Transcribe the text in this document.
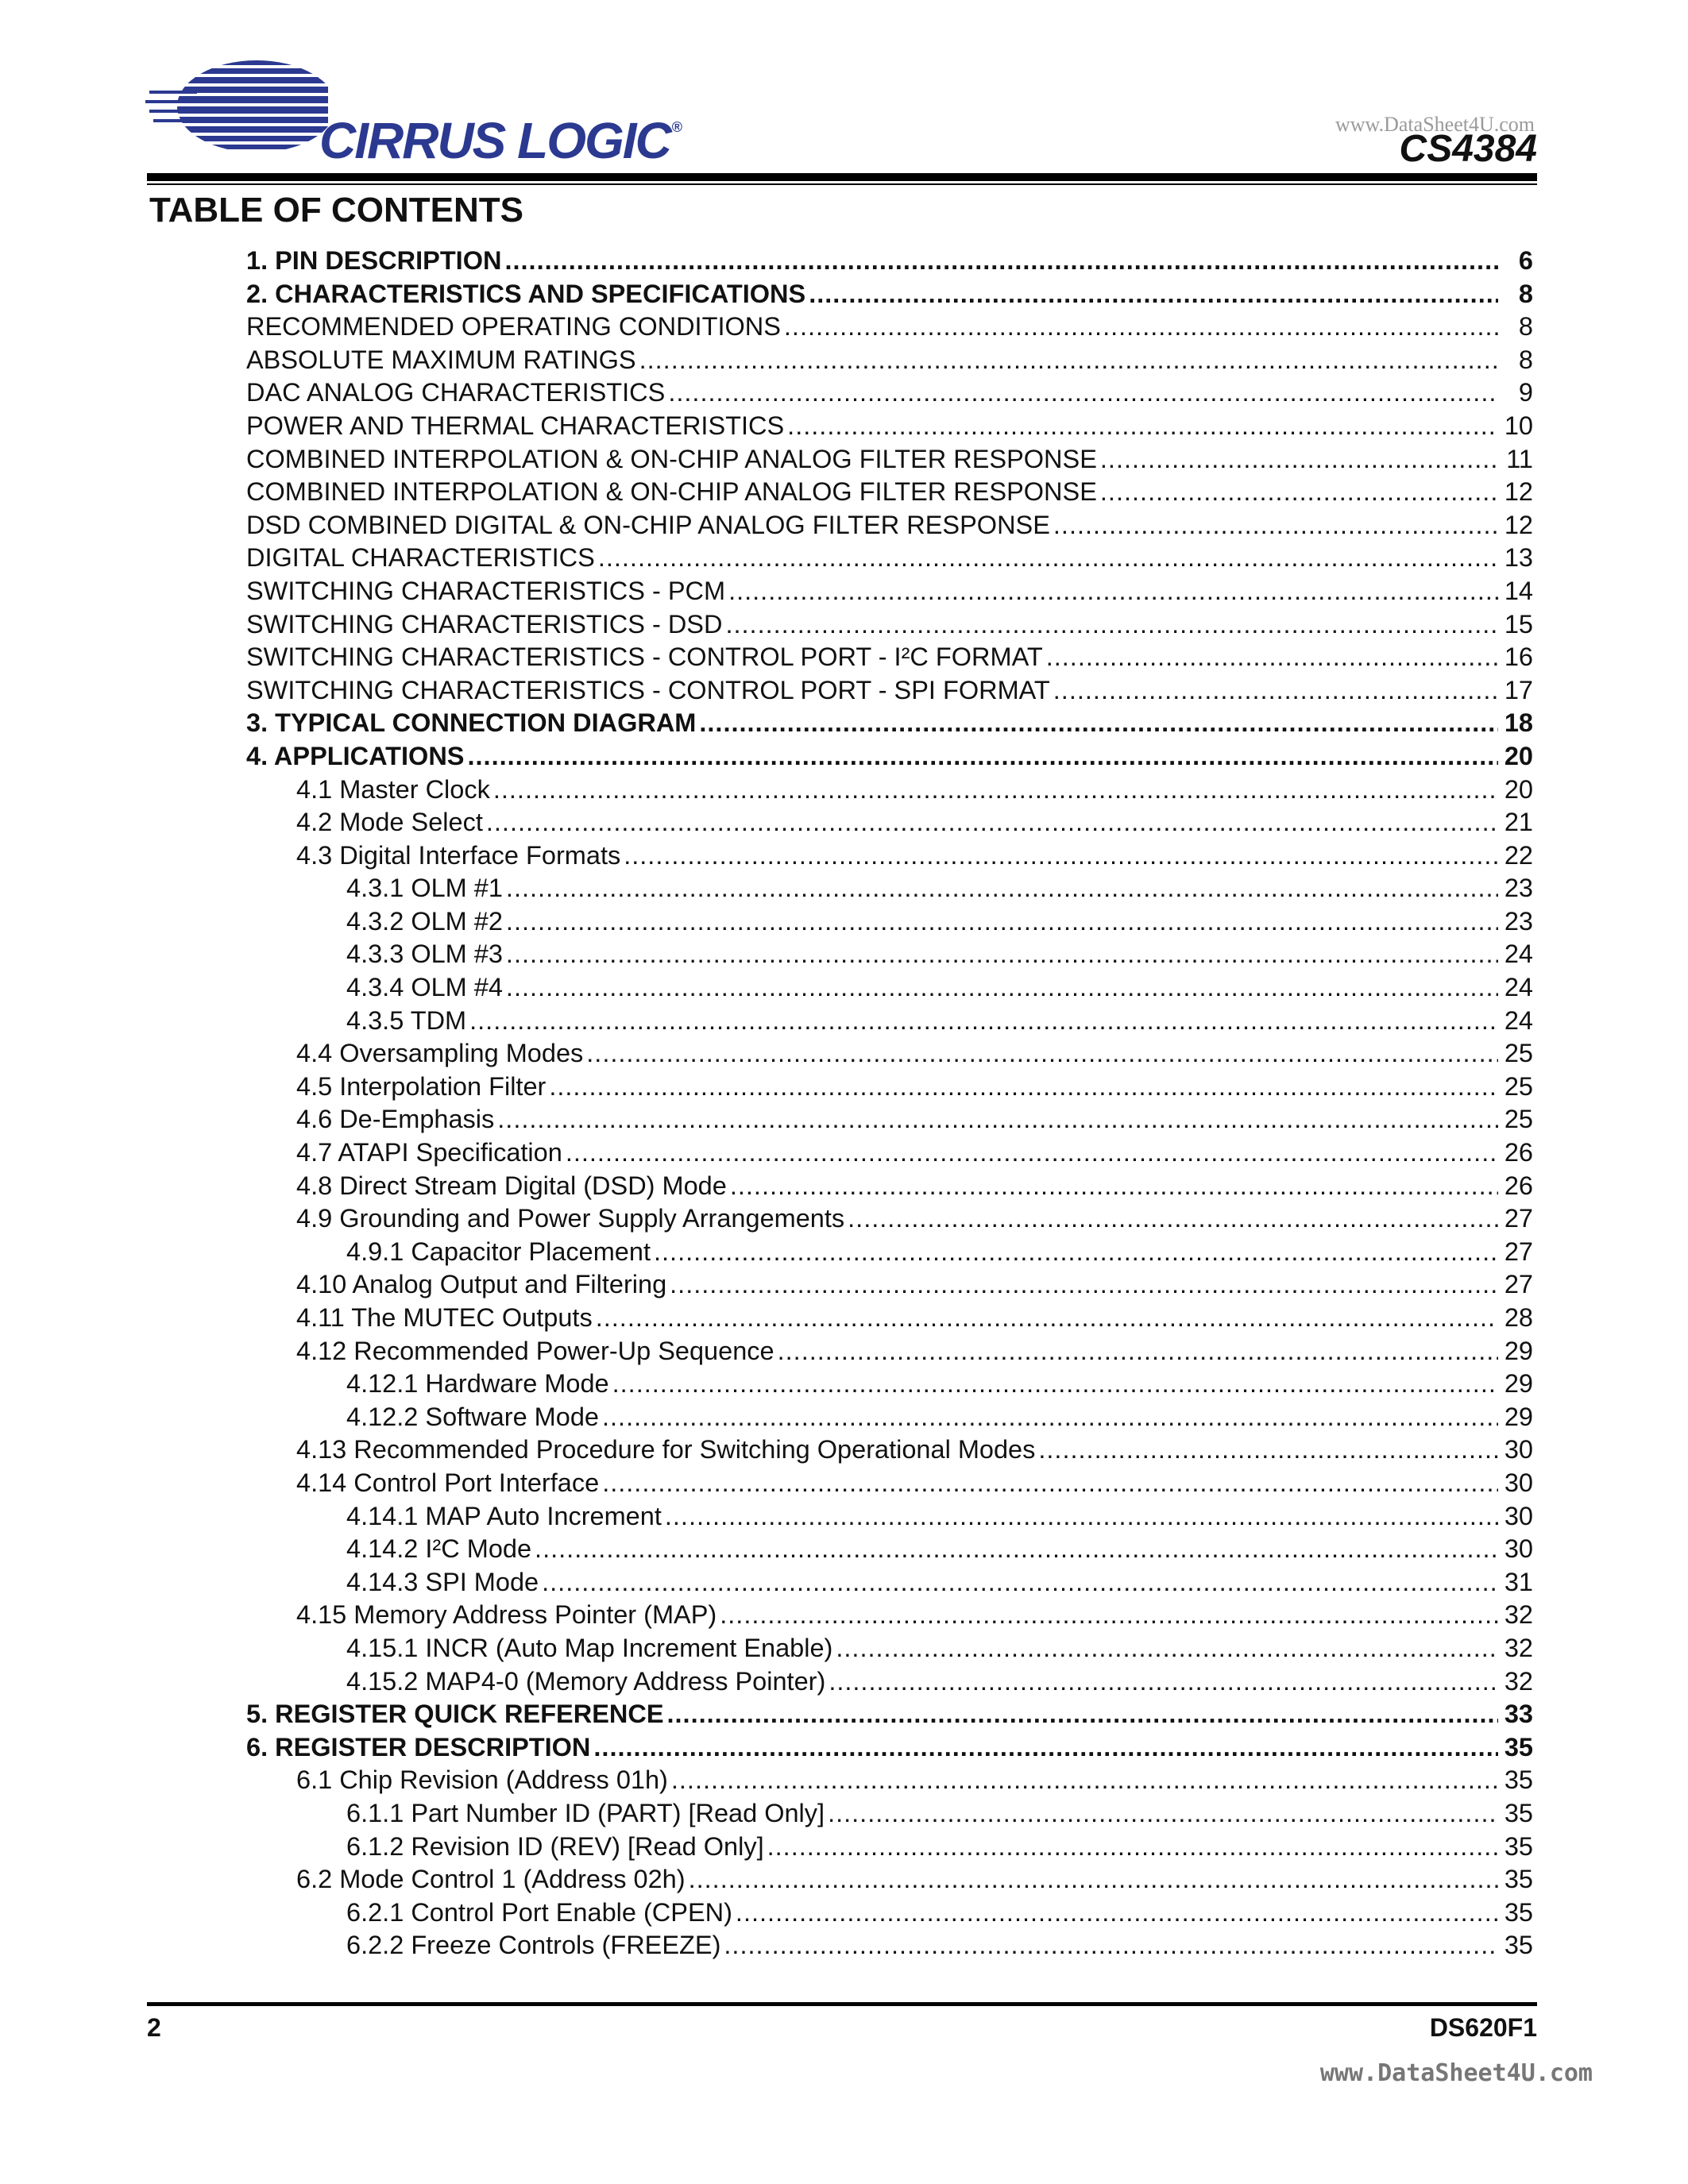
CIRRUS LOGIC ®	www.DataSheet4U.com
CS4384
TABLE OF CONTENTS
1. PIN DESCRIPTION .....	6
2. CHARACTERISTICS AND SPECIFICATIONS .....	8
RECOMMENDED OPERATING CONDITIONS .....	8
ABSOLUTE MAXIMUM RATINGS .....	8
DAC ANALOG CHARACTERISTICS .....	9
POWER AND THERMAL CHARACTERISTICS .....	10
COMBINED INTERPOLATION & ON-CHIP ANALOG FILTER RESPONSE .....	11
COMBINED INTERPOLATION & ON-CHIP ANALOG FILTER RESPONSE .....	12
DSD COMBINED DIGITAL & ON-CHIP ANALOG FILTER RESPONSE .....	12
DIGITAL CHARACTERISTICS .....	13
SWITCHING CHARACTERISTICS - PCM .....	14
SWITCHING CHARACTERISTICS - DSD .....	15
SWITCHING CHARACTERISTICS - CONTROL PORT - I²C FORMAT .....	16
SWITCHING CHARACTERISTICS - CONTROL PORT - SPI FORMAT .....	17
3. TYPICAL CONNECTION DIAGRAM .....	18
4. APPLICATIONS .....	20
4.1 Master Clock .....	20
4.2 Mode Select .....	21
4.3 Digital Interface Formats .....	22
4.3.1 OLM #1 .....	23
4.3.2 OLM #2 .....	23
4.3.3 OLM #3 .....	24
4.3.4 OLM #4 .....	24
4.3.5 TDM .....	24
4.4 Oversampling Modes .....	25
4.5 Interpolation Filter .....	25
4.6 De-Emphasis .....	25
4.7 ATAPI Specification .....	26
4.8 Direct Stream Digital (DSD) Mode .....	26
4.9 Grounding and Power Supply Arrangements .....	27
4.9.1 Capacitor Placement .....	27
4.10 Analog Output and Filtering .....	27
4.11 The MUTEC Outputs .....	28
4.12 Recommended Power-Up Sequence .....	29
4.12.1 Hardware Mode .....	29
4.12.2 Software Mode .....	29
4.13 Recommended Procedure for Switching Operational Modes .....	30
4.14 Control Port Interface .....	30
4.14.1 MAP Auto Increment .....	30
4.14.2 I²C Mode .....	30
4.14.3 SPI Mode .....	31
4.15 Memory Address Pointer (MAP) .....	32
4.15.1 INCR (Auto Map Increment Enable) .....	32
4.15.2 MAP4-0 (Memory Address Pointer) .....	32
5. REGISTER QUICK REFERENCE .....	33
6. REGISTER DESCRIPTION .....	35
6.1 Chip Revision (Address 01h) .....	35
6.1.1 Part Number ID (PART) [Read Only] .....	35
6.1.2 Revision ID (REV) [Read Only] .....	35
6.2 Mode Control 1 (Address 02h) .....	35
6.2.1 Control Port Enable (CPEN) .....	35
6.2.2 Freeze Controls (FREEZE) .....	35
2	DS620F1
www.DataSheet4U.com
